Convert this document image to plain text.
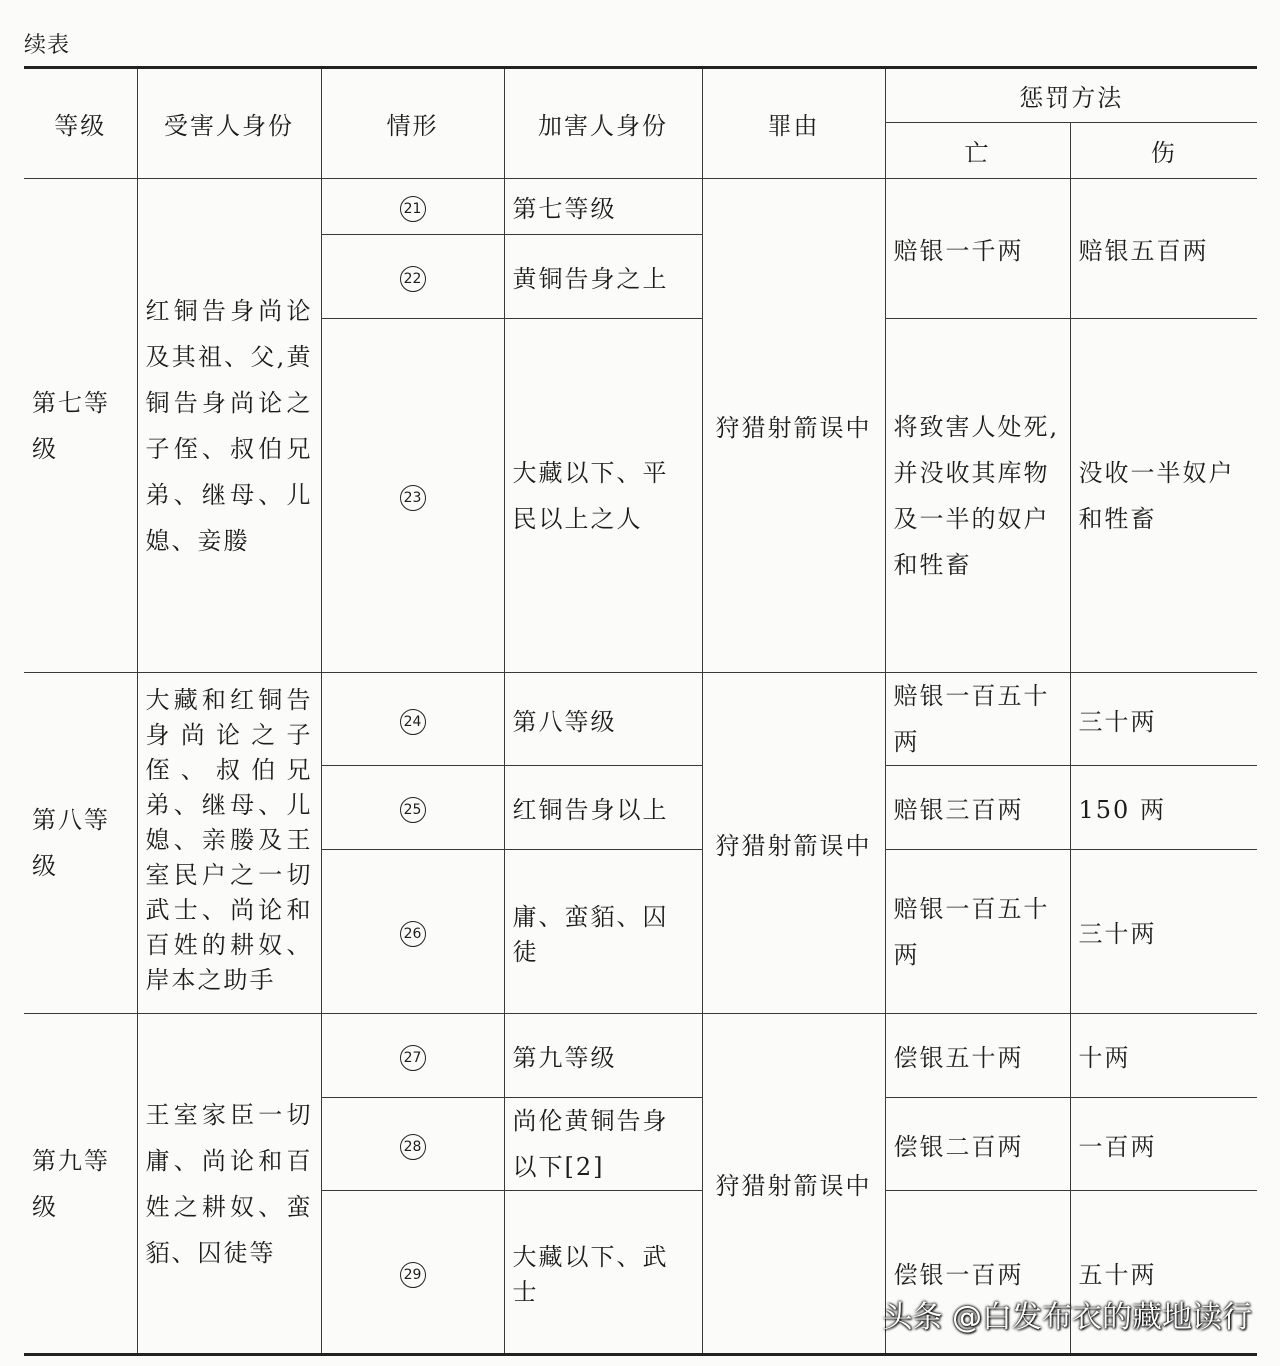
续表
等级	受害人身份	情形	加害人身份	罪由	惩罚方法	
					亡	伤
第七等级	红铜告身尚论及其祖、父,黄铜告身尚论之子侄、叔伯兄弟、继母、儿媳、妾媵	21	第七等级	狩猎射箭误中	赔银一千两	赔银五百两
		22	黄铜告身之上			
		23	大藏以下、平民以上之人		将致害人处死,并没收其库物及一半的奴户和牲畜	没收一半奴户和牲畜

第八等级	大藏和红铜告身尚论之子侄、叔伯兄弟、继母、儿媳、亲媵及王室民户之一切武士、尚论和百姓的耕奴、岸本之助手	24	第八等级	狩猎射箭误中	赔银一百五十两	三十两
		25	红铜告身以上		赔银三百两	150 两
		26	庸、蛮貊、囚徒		赔银一百五十两	三十两
第九等级	王室家臣一切庸、尚论和百姓之耕奴、蛮貊、囚徒等	27	第九等级	狩猎射箭误中	偿银五十两	十两
		28	尚伦黄铜告身以下[2]		偿银二百两	一百两
		29	大藏以下、武士		偿银一百两	五十两
头条 @白发布衣的藏地读行
